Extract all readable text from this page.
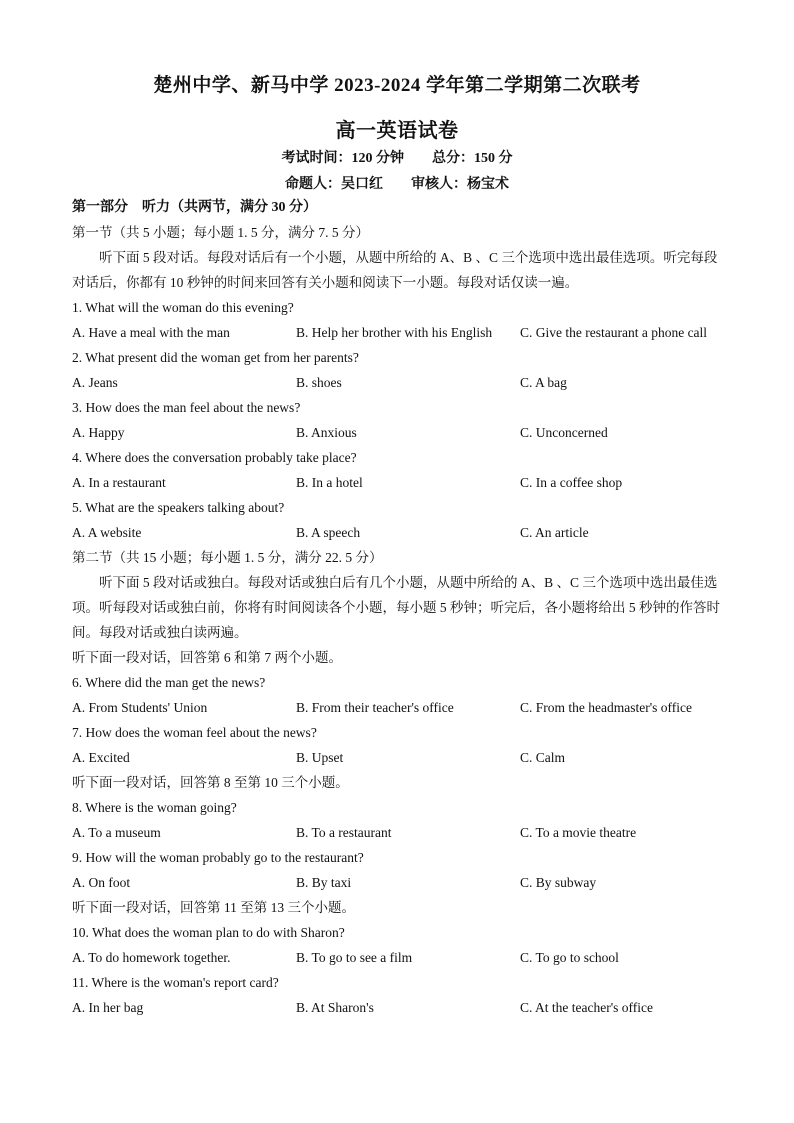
楚州中学、新马中学 2023-2024 学年第二学期第二次联考
高一英语试卷
考试时间：120 分钟 总分：150 分
命题人：吴口红 审核人：杨宝术
第一部分　听力（共两节，满分 30 分）
第一节（共 5 小题；每小题 1. 5 分，满分 7. 5 分）
听下面 5 段对话。每段对话后有一个小题，从题中所给的 A、B 、C 三个选项中选出最佳选项。听完每段对话后，你都有 10 秒钟的时间来回答有关小题和阅读下一小题。每段对话仅读一遍。
1. What will the woman do this evening?
A. Have a meal with the man	B. Help her brother with his English C. Give the restaurant a phone call
2. What present did the woman get from her parents?
A. Jeans	B. shoes	C. A bag
3. How does the man feel about the news?
A. Happy	B. Anxious	C. Unconcerned
4. Where does the conversation probably take place?
A. In a restaurant	B. In a hotel	C. In a coffee shop
5. What are the speakers talking about?
A. A website	B. A speech	C. An article
第二节（共 15 小题；每小题 1. 5 分，满分 22. 5 分）
听下面 5 段对话或独白。每段对话或独白后有几个小题，从题中所给的 A、B 、C 三个选项中选出最佳选项。听每段对话或独白前，你将有时间阅读各个小题，每小题 5 秒钟；听完后，各小题将给出 5 秒钟的作答时间。每段对话或独白读两遍。
听下面一段对话，回答第 6 和第 7 两个小题。
6. Where did the man get the news?
A. From Students' Union	B. From their teacher's office	C. From the headmaster's office
7. How does the woman feel about the news?
A. Excited	B. Upset	C. Calm
听下面一段对话，回答第 8 至第 10 三个小题。
8. Where is the woman going?
A. To a museum	B. To a restaurant	C. To a movie theatre
9. How will the woman probably go to the restaurant?
A. On foot	B. By taxi	C. By subway
听下面一段对话，回答第 11 至第 13 三个小题。
10. What does the woman plan to do with Sharon?
A. To do homework together.	B. To go to see a film	C. To go to school
11. Where is the woman's report card?
A. In her bag	B. At Sharon's	C. At the teacher's office
